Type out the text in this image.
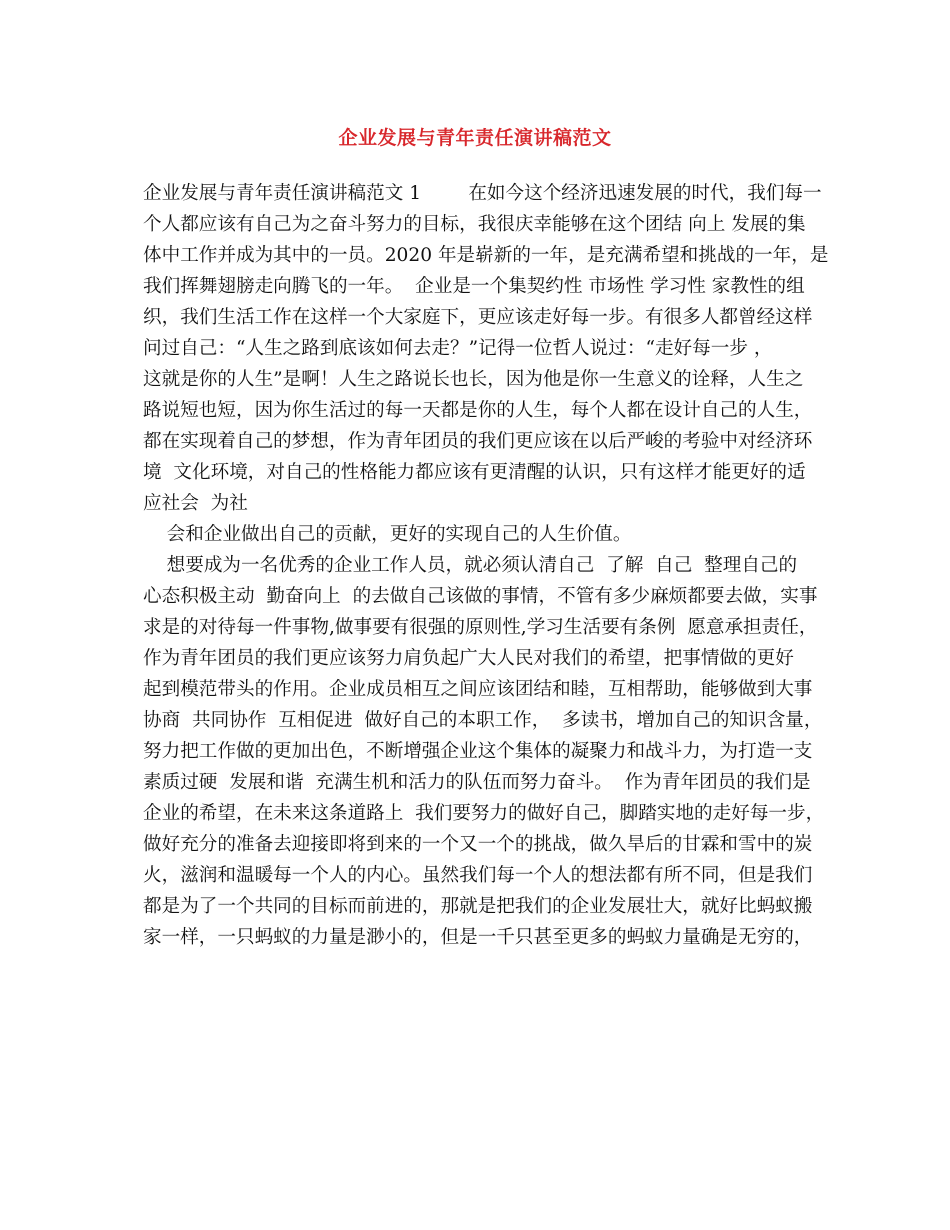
企业发展与青年责任演讲稿范文
企业发展与青年责任演讲稿范文 1        在如今这个经济迅速发展的时代，我们每一
个人都应该有自己为之奋斗努力的目标，我很庆幸能够在这个团结 向上 发展的集
体中工作并成为其中的一员。2020 年是崭新的一年，是充满希望和挑战的一年，是
我们挥舞翅膀走向腾飞的一年。  企业是一个集契约性 市场性 学习性 家教性的组
织，我们生活工作在这样一个大家庭下，更应该走好每一步。有很多人都曾经这样
问过自己：“人生之路到底该如何去走？”记得一位哲人说过：“走好每一步 ，
这就是你的人生”是啊！人生之路说长也长，因为他是你一生意义的诠释，人生之
路说短也短，因为你生活过的每一天都是你的人生，每个人都在设计自己的人生，
都在实现着自己的梦想，作为青年团员的我们更应该在以后严峻的考验中对经济环
境  文化环境，对自己的性格能力都应该有更清醒的认识，只有这样才能更好的适
应社会  为社
会和企业做出自己的贡献，更好的实现自己的人生价值。
想要成为一名优秀的企业工作人员，就必须认清自己  了解  自己  整理自己的
心态积极主动  勤奋向上  的去做自己该做的事情，不管有多少麻烦都要去做，实事
求是的对待每一件事物,做事要有很强的原则性,学习生活要有条例  愿意承担责任，
作为青年团员的我们更应该努力肩负起广大人民对我们的希望，把事情做的更好
起到模范带头的作用。企业成员相互之间应该团结和睦，互相帮助，能够做到大事
协商  共同协作  互相促进  做好自己的本职工作，  多读书，增加自己的知识含量，
努力把工作做的更加出色，不断增强企业这个集体的凝聚力和战斗力，为打造一支
素质过硬  发展和谐  充满生机和活力的队伍而努力奋斗。  作为青年团员的我们是
企业的希望，在未来这条道路上  我们要努力的做好自己，脚踏实地的走好每一步，
做好充分的准备去迎接即将到来的一个又一个的挑战，做久旱后的甘霖和雪中的炭
火，滋润和温暖每一个人的内心。虽然我们每一个人的想法都有所不同，但是我们
都是为了一个共同的目标而前进的，那就是把我们的企业发展壮大，就好比蚂蚁搬
家一样，一只蚂蚁的力量是渺小的，但是一千只甚至更多的蚂蚁力量确是无穷的，
